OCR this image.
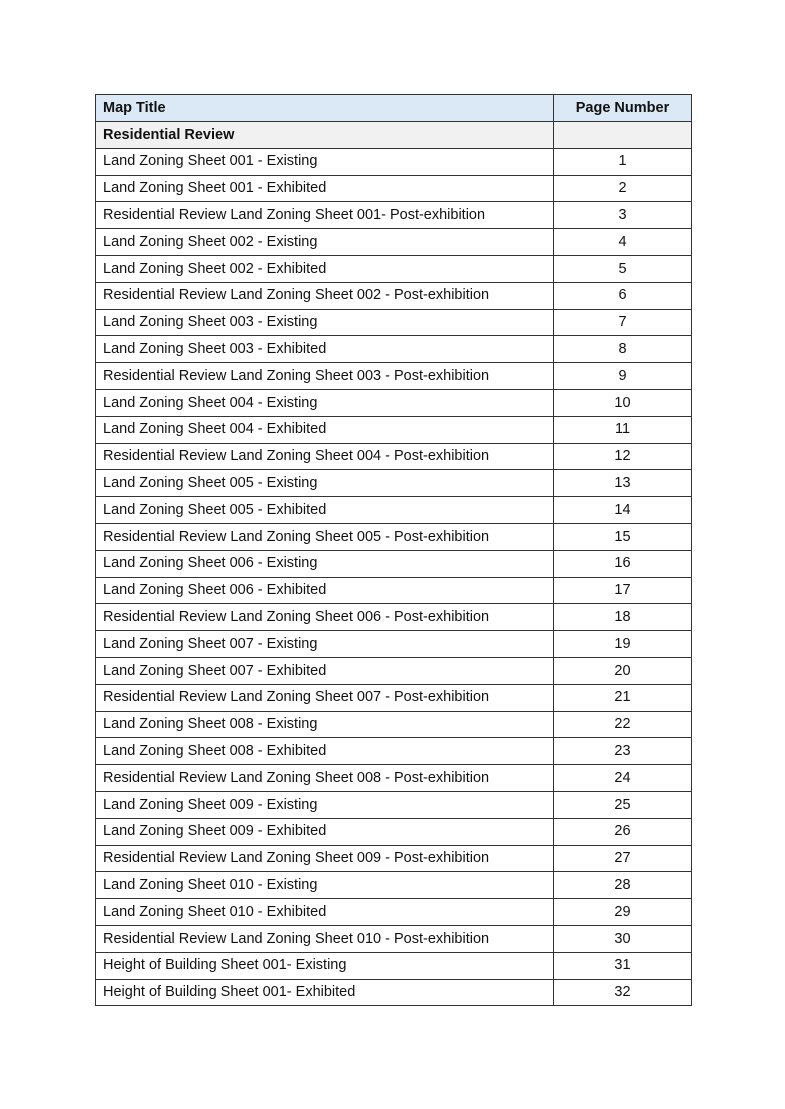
Map Title	Page Number
Residential Review	
Land Zoning Sheet 001 - Existing	1
Land Zoning Sheet 001 - Exhibited	2
Residential Review Land Zoning Sheet 001- Post-exhibition	3
Land Zoning Sheet 002 - Existing	4
Land Zoning Sheet 002 - Exhibited	5
Residential Review Land Zoning Sheet 002 - Post-exhibition	6
Land Zoning Sheet 003 - Existing	7
Land Zoning Sheet 003 - Exhibited	8
Residential Review Land Zoning Sheet 003 - Post-exhibition	9
Land Zoning Sheet 004 - Existing	10
Land Zoning Sheet 004 - Exhibited	11
Residential Review Land Zoning Sheet 004 - Post-exhibition	12
Land Zoning Sheet 005 - Existing	13
Land Zoning Sheet 005 - Exhibited	14
Residential Review Land Zoning Sheet 005 - Post-exhibition	15
Land Zoning Sheet 006 - Existing	16
Land Zoning Sheet 006 - Exhibited	17
Residential Review Land Zoning Sheet 006 - Post-exhibition	18
Land Zoning Sheet 007 - Existing	19
Land Zoning Sheet 007 - Exhibited	20
Residential Review Land Zoning Sheet 007 - Post-exhibition	21
Land Zoning Sheet 008 - Existing	22
Land Zoning Sheet 008 - Exhibited	23
Residential Review Land Zoning Sheet 008 - Post-exhibition	24
Land Zoning Sheet 009 - Existing	25
Land Zoning Sheet 009 - Exhibited	26
Residential Review Land Zoning Sheet 009 - Post-exhibition	27
Land Zoning Sheet 010 - Existing	28
Land Zoning Sheet 010 - Exhibited	29
Residential Review Land Zoning Sheet 010 - Post-exhibition	30
Height of Building Sheet 001- Existing	31
Height of Building Sheet 001- Exhibited	32
